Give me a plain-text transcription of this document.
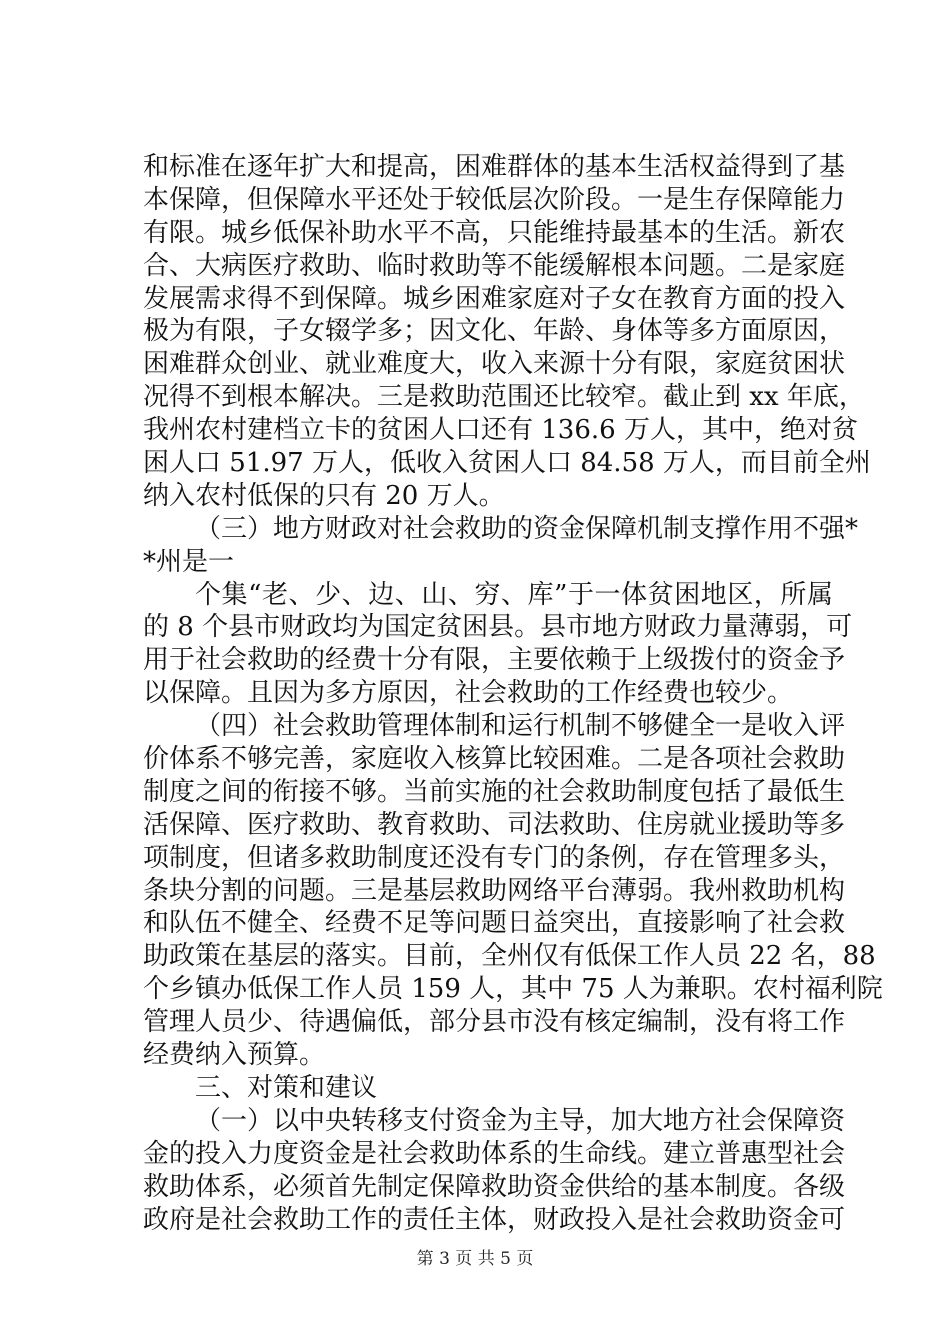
和标准在逐年扩大和提高，困难群体的基本生活权益得到了基
本保障，但保障水平还处于较低层次阶段。一是生存保障能力
有限。城乡低保补助水平不高，只能维持最基本的生活。新农
合、大病医疗救助、临时救助等不能缓解根本问题。二是家庭
发展需求得不到保障。城乡困难家庭对子女在教育方面的投入
极为有限，子女辍学多；因文化、年龄、身体等多方面原因，
困难群众创业、就业难度大，收入来源十分有限，家庭贫困状
况得不到根本解决。三是救助范围还比较窄。截止到 xx 年底，
我州农村建档立卡的贫困人口还有 136.6 万人，其中，绝对贫
困人口 51.97 万人，低收入贫困人口 84.58 万人，而目前全州
纳入农村低保的只有 20 万人。
（三）地方财政对社会救助的资金保障机制支撑作用不强*
*州是一
个集“老、少、边、山、穷、库”于一体贫困地区，所属
的 8 个县市财政均为国定贫困县。县市地方财政力量薄弱，可
用于社会救助的经费十分有限，主要依赖于上级拨付的资金予
以保障。且因为多方原因，社会救助的工作经费也较少。
（四）社会救助管理体制和运行机制不够健全一是收入评
价体系不够完善，家庭收入核算比较困难。二是各项社会救助
制度之间的衔接不够。当前实施的社会救助制度包括了最低生
活保障、医疗救助、教育救助、司法救助、住房就业援助等多
项制度，但诸多救助制度还没有专门的条例，存在管理多头，
条块分割的问题。三是基层救助网络平台薄弱。我州救助机构
和队伍不健全、经费不足等问题日益突出，直接影响了社会救
助政策在基层的落实。目前，全州仅有低保工作人员 22 名，88
个乡镇办低保工作人员 159 人，其中 75 人为兼职。农村福利院
管理人员少、待遇偏低，部分县市没有核定编制，没有将工作
经费纳入预算。
三、对策和建议
（一）以中央转移支付资金为主导，加大地方社会保障资
金的投入力度资金是社会救助体系的生命线。建立普惠型社会
救助体系，必须首先制定保障救助资金供给的基本制度。各级
政府是社会救助工作的责任主体，财政投入是社会救助资金可
第 3 页 共 5 页
